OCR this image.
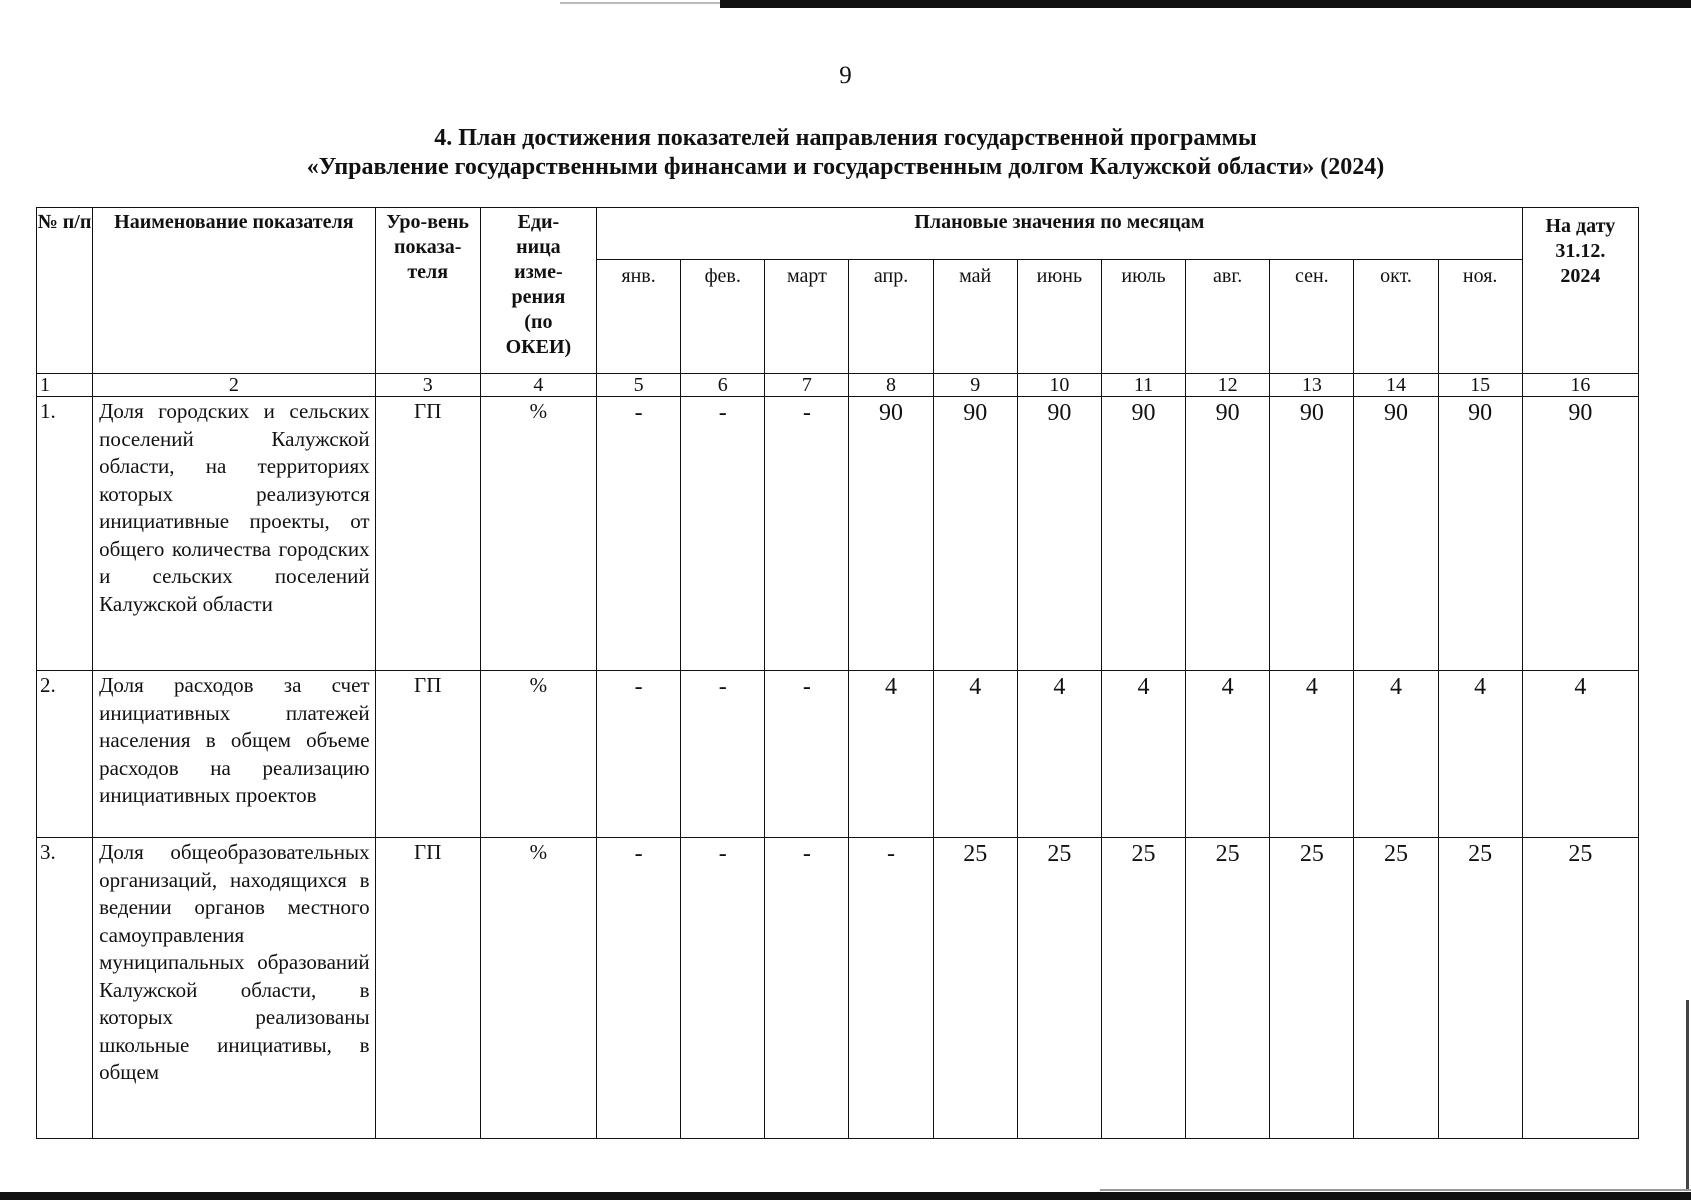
9
4. План достижения показателей направления государственной программы
«Управление государственными финансами и государственным долгом Калужской области» (2024)
№ п/п	Наименование показателя	Уро-вень показа-теля	Еди-ница изме-рения (по ОКЕИ)	Плановые значения по месяцам											На дату 31.12. 2024
				янв.	фев.	март	апр.	май	июнь	июль	авг.	сен.	окт.	ноя.	
1	2	3	4	5	6	7	8	9	10	11	12	13	14	15	16
1.	Доля городских и сельских поселений Калужской области, на территориях которых реализуются инициативные проекты, от общего количества городских и сельских поселений Калужской области	ГП	%	-	-	-	90	90	90	90	90	90	90	90	90
2.	Доля расходов за счет инициативных платежей населения в общем объеме расходов на реализацию инициативных проектов	ГП	%	-	-	-	4	4	4	4	4	4	4	4	4
3.	Доля общеобразовательных организаций, находящихся в ведении органов местного самоуправления муниципальных образований Калужской области, в которых реализованы школьные инициативы, в общем	ГП	%	-	-	-	-	25	25	25	25	25	25	25	25
